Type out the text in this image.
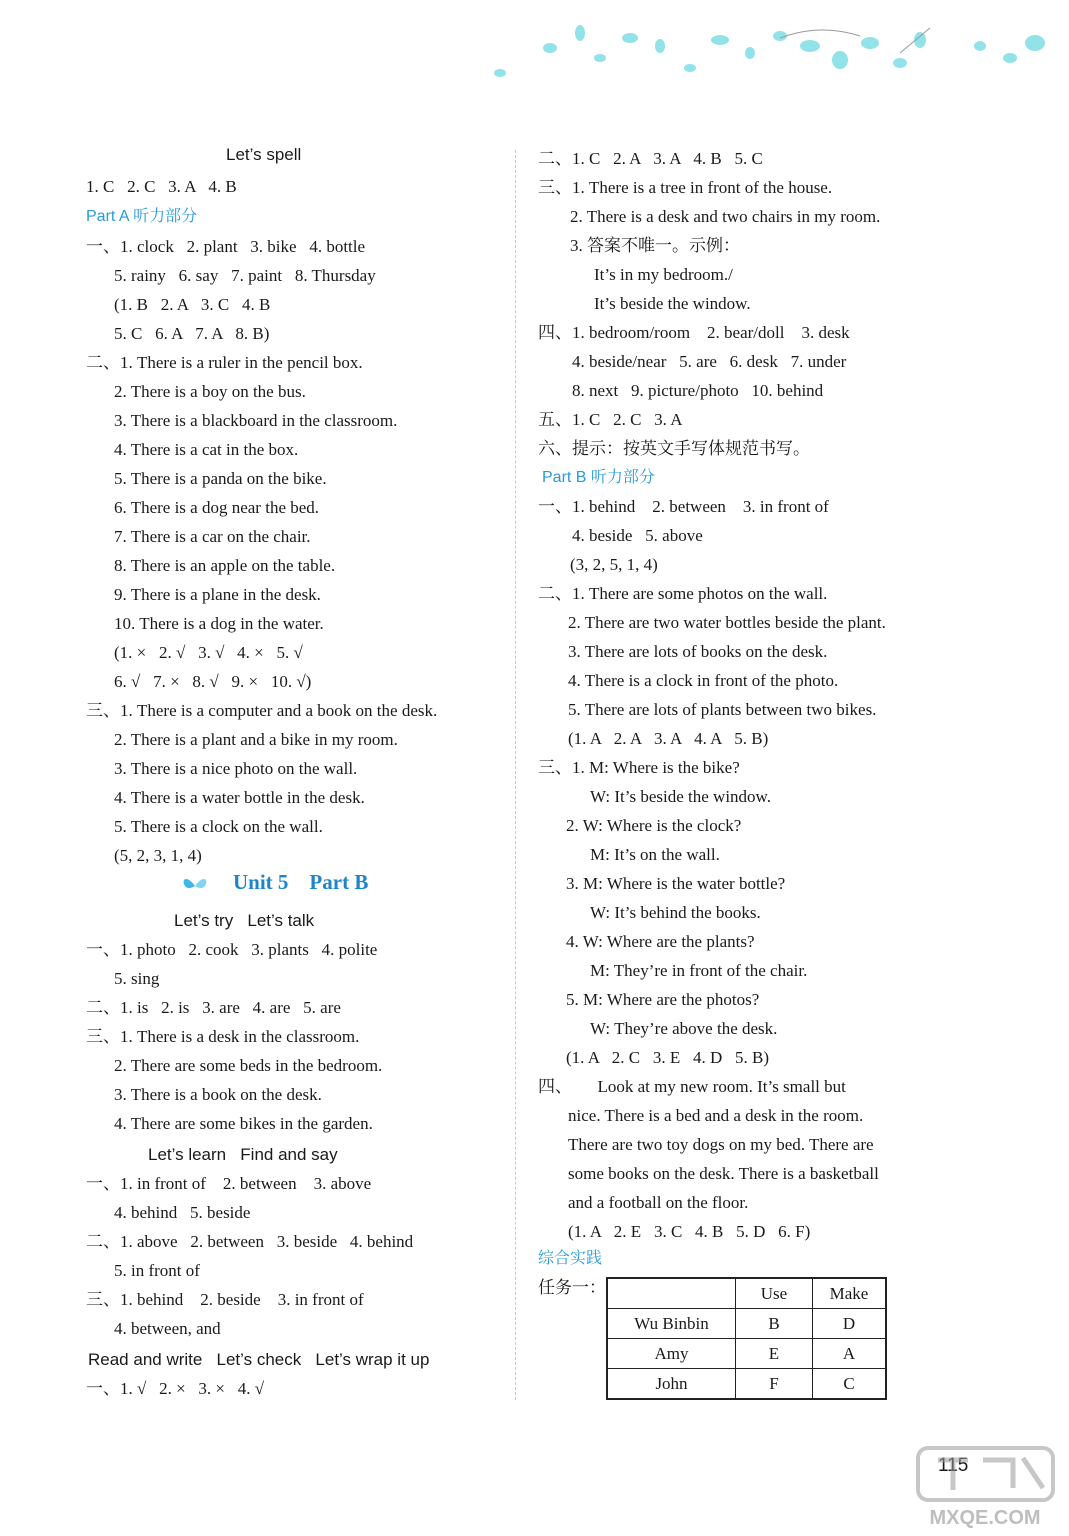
Let’s spell
1. C   2. C   3. A   4. B
Part A 听力部分
一、1. clock   2. plant   3. bike   4. bottle
5. rainy   6. say   7. paint   8. Thursday
(1. B   2. A   3. C   4. B
5. C   6. A   7. A   8. B)
二、1. There is a ruler in the pencil box.
2. There is a boy on the bus.
3. There is a blackboard in the classroom.
4. There is a cat in the box.
5. There is a panda on the bike.
6. There is a dog near the bed.
7. There is a car on the chair.
8. There is an apple on the table.
9. There is a plane in the desk.
10. There is a dog in the water.
(1. ×   2. √   3. √   4. ×   5. √
6. √   7. ×   8. √   9. ×   10. √)
三、1. There is a computer and a book on the desk.
2. There is a plant and a bike in my room.
3. There is a nice photo on the wall.
4. There is a water bottle in the desk.
5. There is a clock on the wall.
(5, 2, 3, 1, 4)
Let’s try   Let’s talk
一、1. photo   2. cook   3. plants   4. polite
5. sing
二、1. is   2. is   3. are   4. are   5. are
三、1. There is a desk in the classroom.
2. There are some beds in the bedroom.
3. There is a book on the desk.
4. There are some bikes in the garden.
Let’s learn   Find and say
一、1. in front of    2. between    3. above
4. behind   5. beside
二、1. above   2. between   3. beside   4. behind
5. in front of
三、1. behind    2. beside    3. in front of
4. between, and
Read and write   Let’s check   Let’s wrap it up
一、1. √   2. ×   3. ×   4. √
二、1. C   2. A   3. A   4. B   5. C
三、1. There is a tree in front of the house.
2. There is a desk and two chairs in my room.
3. 答案不唯一。示例：
It’s in my bedroom./
It’s beside the window.
四、1. bedroom/room    2. bear/doll    3. desk
4. beside/near   5. are   6. desk   7. under
8. next   9. picture/photo   10. behind
五、1. C   2. C   3. A
六、提示：按英文手写体规范书写。
Part B 听力部分
一、1. behind    2. between    3. in front of
4. beside   5. above
(3, 2, 5, 1, 4)
二、1. There are some photos on the wall.
2. There are two water bottles beside the plant.
3. There are lots of books on the desk.
4. There is a clock in front of the photo.
5. There are lots of plants between two bikes.
(1. A   2. A   3. A   4. A   5. B)
三、1. M: Where is the bike?
W: It’s beside the window.
2. W: Where is the clock?
M: It’s on the wall.
3. M: Where is the water bottle?
W: It’s behind the books.
4. W: Where are the plants?
M: They’re in front of the chair.
5. M: Where are the photos?
W: They’re above the desk.
(1. A   2. C   3. E   4. D   5. B)
四、      Look at my new room. It’s small but
nice. There is a bed and a desk in the room.
There are two toy dogs on my bed. There are
some books on the desk. There is a basketball
and a football on the floor.
(1. A   2. E   3. C   4. B   5. D   6. F)
综合实践
任务一：
Unit 5    Part B
	Use	Make
Wu Binbin	B	D
Amy	E	A
John	F	C
115
MXQE.COM
